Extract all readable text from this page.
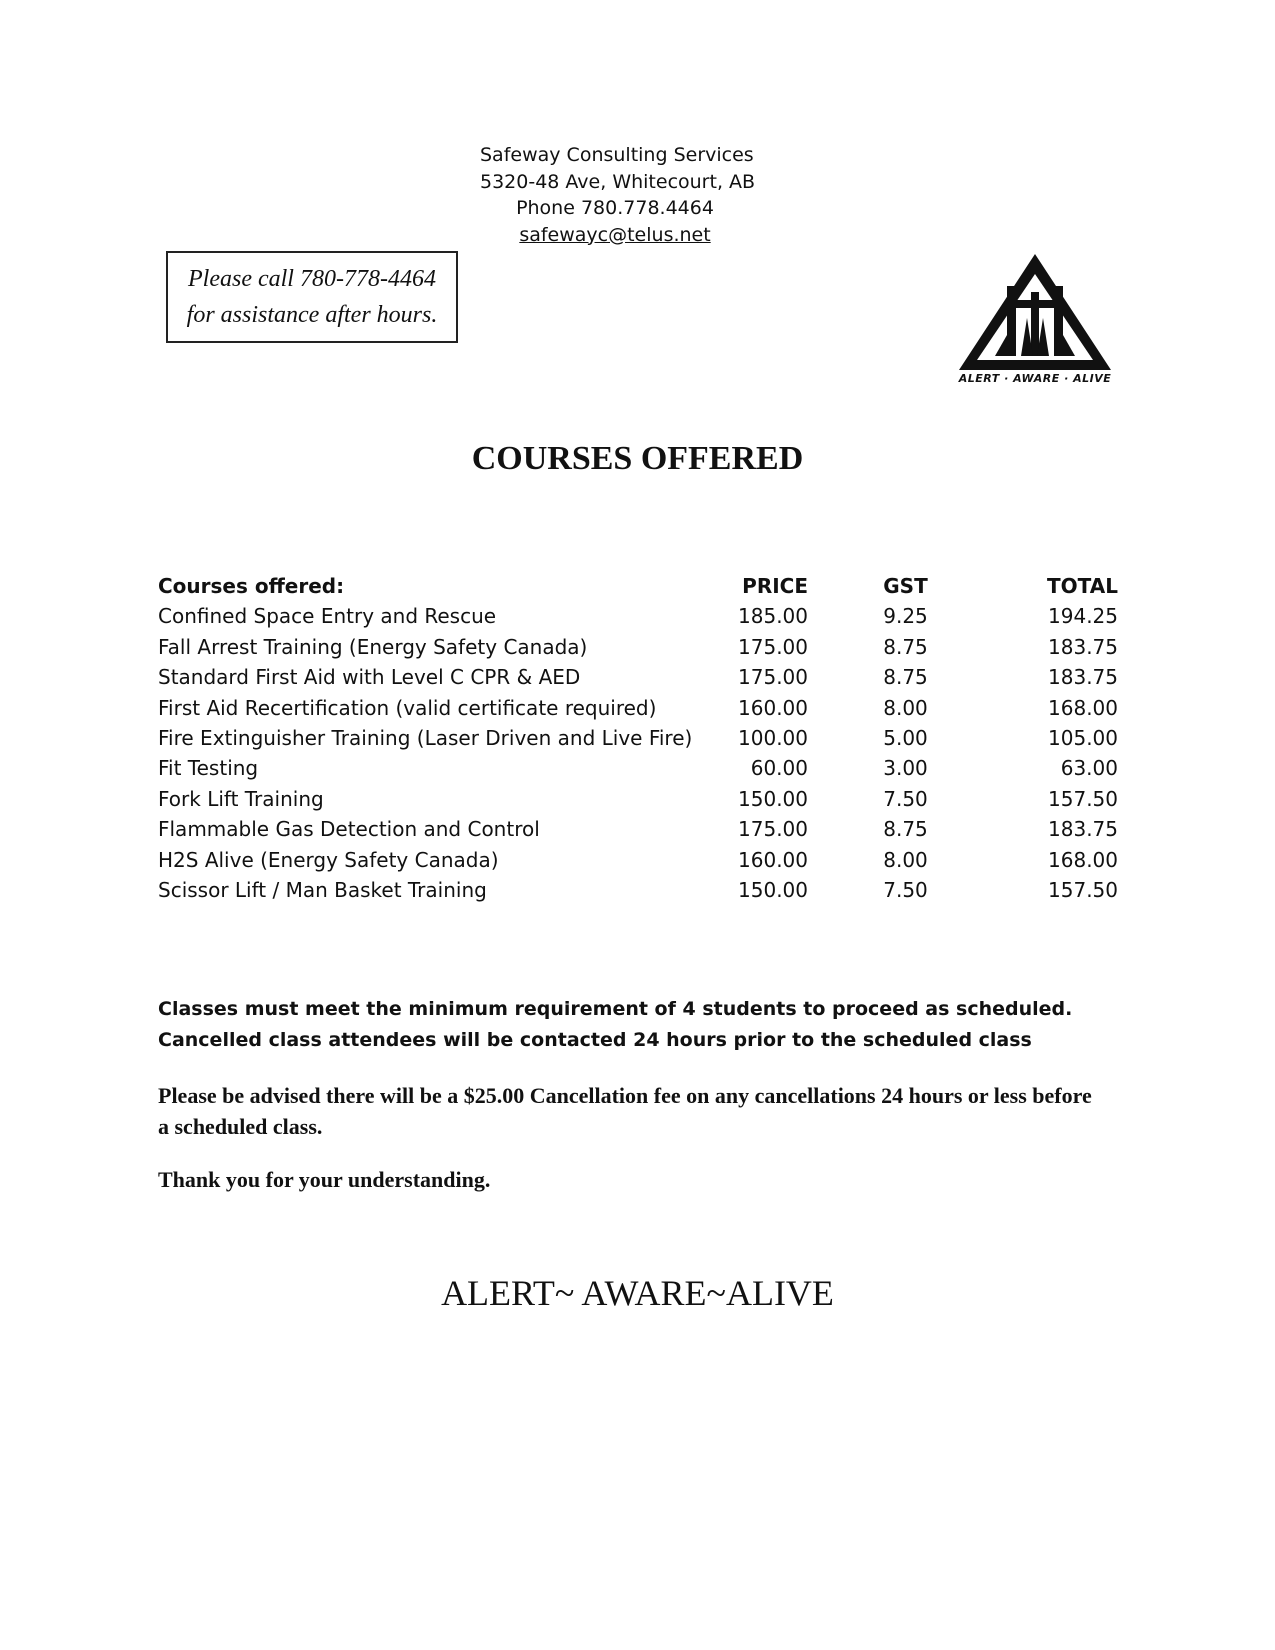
Safeway Consulting Services
5320-48 Ave, Whitecourt, AB
Phone 780.778.4464
safewayc@telus.net
Please call 780-778-4464
for assistance after hours.
ALERT · AWARE · ALIVE
COURSES OFFERED
Courses offered:	PRICE	GST	TOTAL
Confined Space Entry and Rescue	185.00	9.25	194.25
Fall Arrest Training (Energy Safety Canada)	175.00	8.75	183.75
Standard First Aid with Level C CPR & AED	175.00	8.75	183.75
First Aid Recertification (valid certificate required)	160.00	8.00	168.00
Fire Extinguisher Training (Laser Driven and Live Fire)	100.00	5.00	105.00
Fit Testing	60.00	3.00	63.00
Fork Lift Training	150.00	7.50	157.50
Flammable Gas Detection and Control	175.00	8.75	183.75
H2S Alive (Energy Safety Canada)	160.00	8.00	168.00
Scissor Lift / Man Basket Training	150.00	7.50	157.50
Classes must meet the minimum requirement of 4 students to proceed as scheduled.
Cancelled class attendees will be contacted 24 hours prior to the scheduled class
Please be advised there will be a $25.00 Cancellation fee on any cancellations 24 hours or less before a scheduled class.
Thank you for your understanding.
ALERT~ AWARE~ALIVE
